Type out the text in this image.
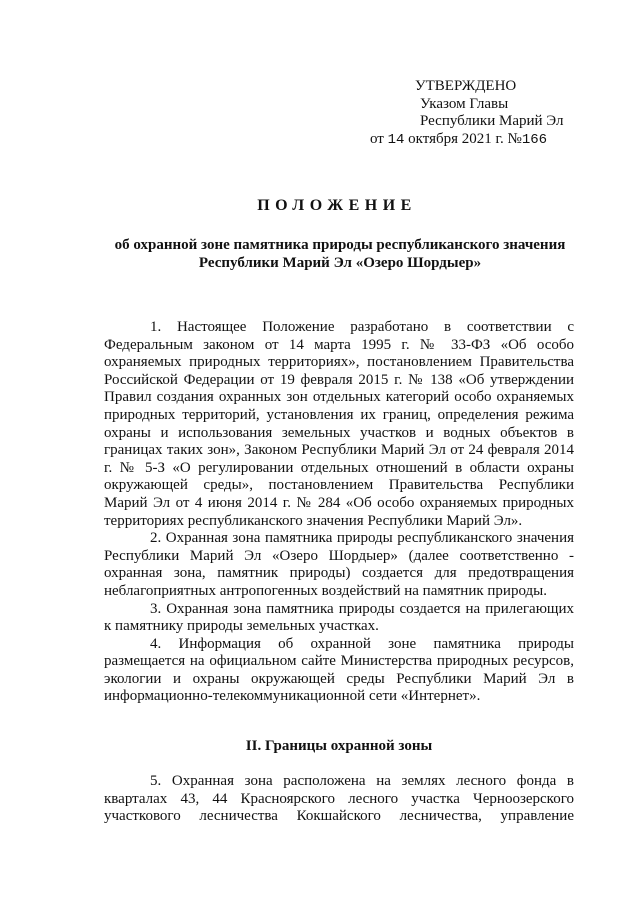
УТВЕРЖДЕНО
Указом Главы
Республики Марий Эл
от 14 октября 2021 г. №166
ПОЛОЖЕНИЕ
об охранной зоне памятника природы республиканского значения
Республики Марий Эл «Озеро Шордыер»

1. Настоящее Положение разработано в соответствии с Федеральным законом от 14 марта 1995 г. № 33-ФЗ «Об особо охраняемых природных территориях», постановлением Правительства Российской Федерации от 19 февраля 2015 г. № 138 «Об утверждении Правил создания охранных зон отдельных категорий особо охраняемых природных территорий, установления их границ, определения режима охраны и использования земельных участков и водных объектов в границах таких зон», Законом Республики Марий Эл от 24 февраля 2014 г. № 5-З «О регулировании отдельных отношений в области охраны окружающей среды», постановлением Правительства Республики Марий Эл от 4 июня 2014 г. № 284 «Об особо охраняемых природных территориях республиканского значения Республики Марий Эл».

2. Охранная зона памятника природы республиканского значения Республики Марий Эл «Озеро Шордыер» (далее соответственно - охранная зона, памятник природы) создается для предотвращения неблагоприятных антропогенных воздействий на памятник природы.

3. Охранная зона памятника природы создается на прилегающих к памятнику природы земельных участках.

4. Информация об охранной зоне памятника природы размещается на официальном сайте Министерства природных ресурсов, экологии и охраны окружающей среды Республики Марий Эл в информационно-телекоммуникационной сети «Интернет».

II. Границы охранной зоны

5. Охранная зона расположена на землях лесного фонда в кварталах 43, 44 Красноярского лесного участка Черноозерского участкового лесничества Кокшайского лесничества, управление
